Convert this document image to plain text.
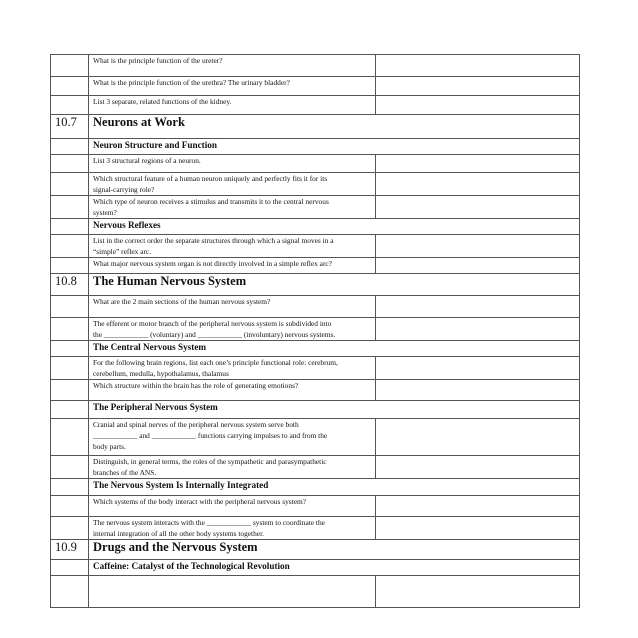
	What is the principle function of the ureter?	
	What is the principle function of the urethra? The urinary bladder?	
	List 3 separate, related functions of the kidney.	
10.7	Neurons at Work	
	Neuron Structure and Function	
	List 3 structural regions of a neuron.	
	Which structural feature of a human neuron uniquely and perfectly fits it for its
signal-carrying role?	
	Which type of neuron receives a stimulus and transmits it to the central nervous
system?	
	Nervous Reflexes	
	List in the correct order the separate structures through which a signal moves in a
“simple” reflex arc.	
	What major nervous system organ is not directly involved in a simple reflex arc?	
10.8	The Human Nervous System	
	What are the 2 main sections of the human nervous system?	
	The efferent or motor branch of the peripheral nervous system is subdivided into
the ____________ (voluntary) and ____________ (involuntary) nervous systems.	
	The Central Nervous System	
	For the following brain regions, list each one’s principle functional role: cerebrum,
cerebellum, medulla, hypothalamus, thalamus	
	Which structure within the brain has the role of generating emotions?	
	The Peripheral Nervous System	
	Cranial and spinal nerves of the peripheral nervous system serve both
____________ and ____________ functions carrying impulses to and from the
body parts.	
	Distinguish, in general terms, the roles of the sympathetic and parasympathetic
branches of the ANS.	
	The Nervous System Is Internally Integrated	
	Which systems of the body interact with the peripheral nervous system?	
	The nervous system interacts with the ____________ system to coordinate the
internal integration of all the other body systems together.	
10.9	Drugs and the Nervous System	
	Caffeine: Catalyst of the Technological Revolution	
